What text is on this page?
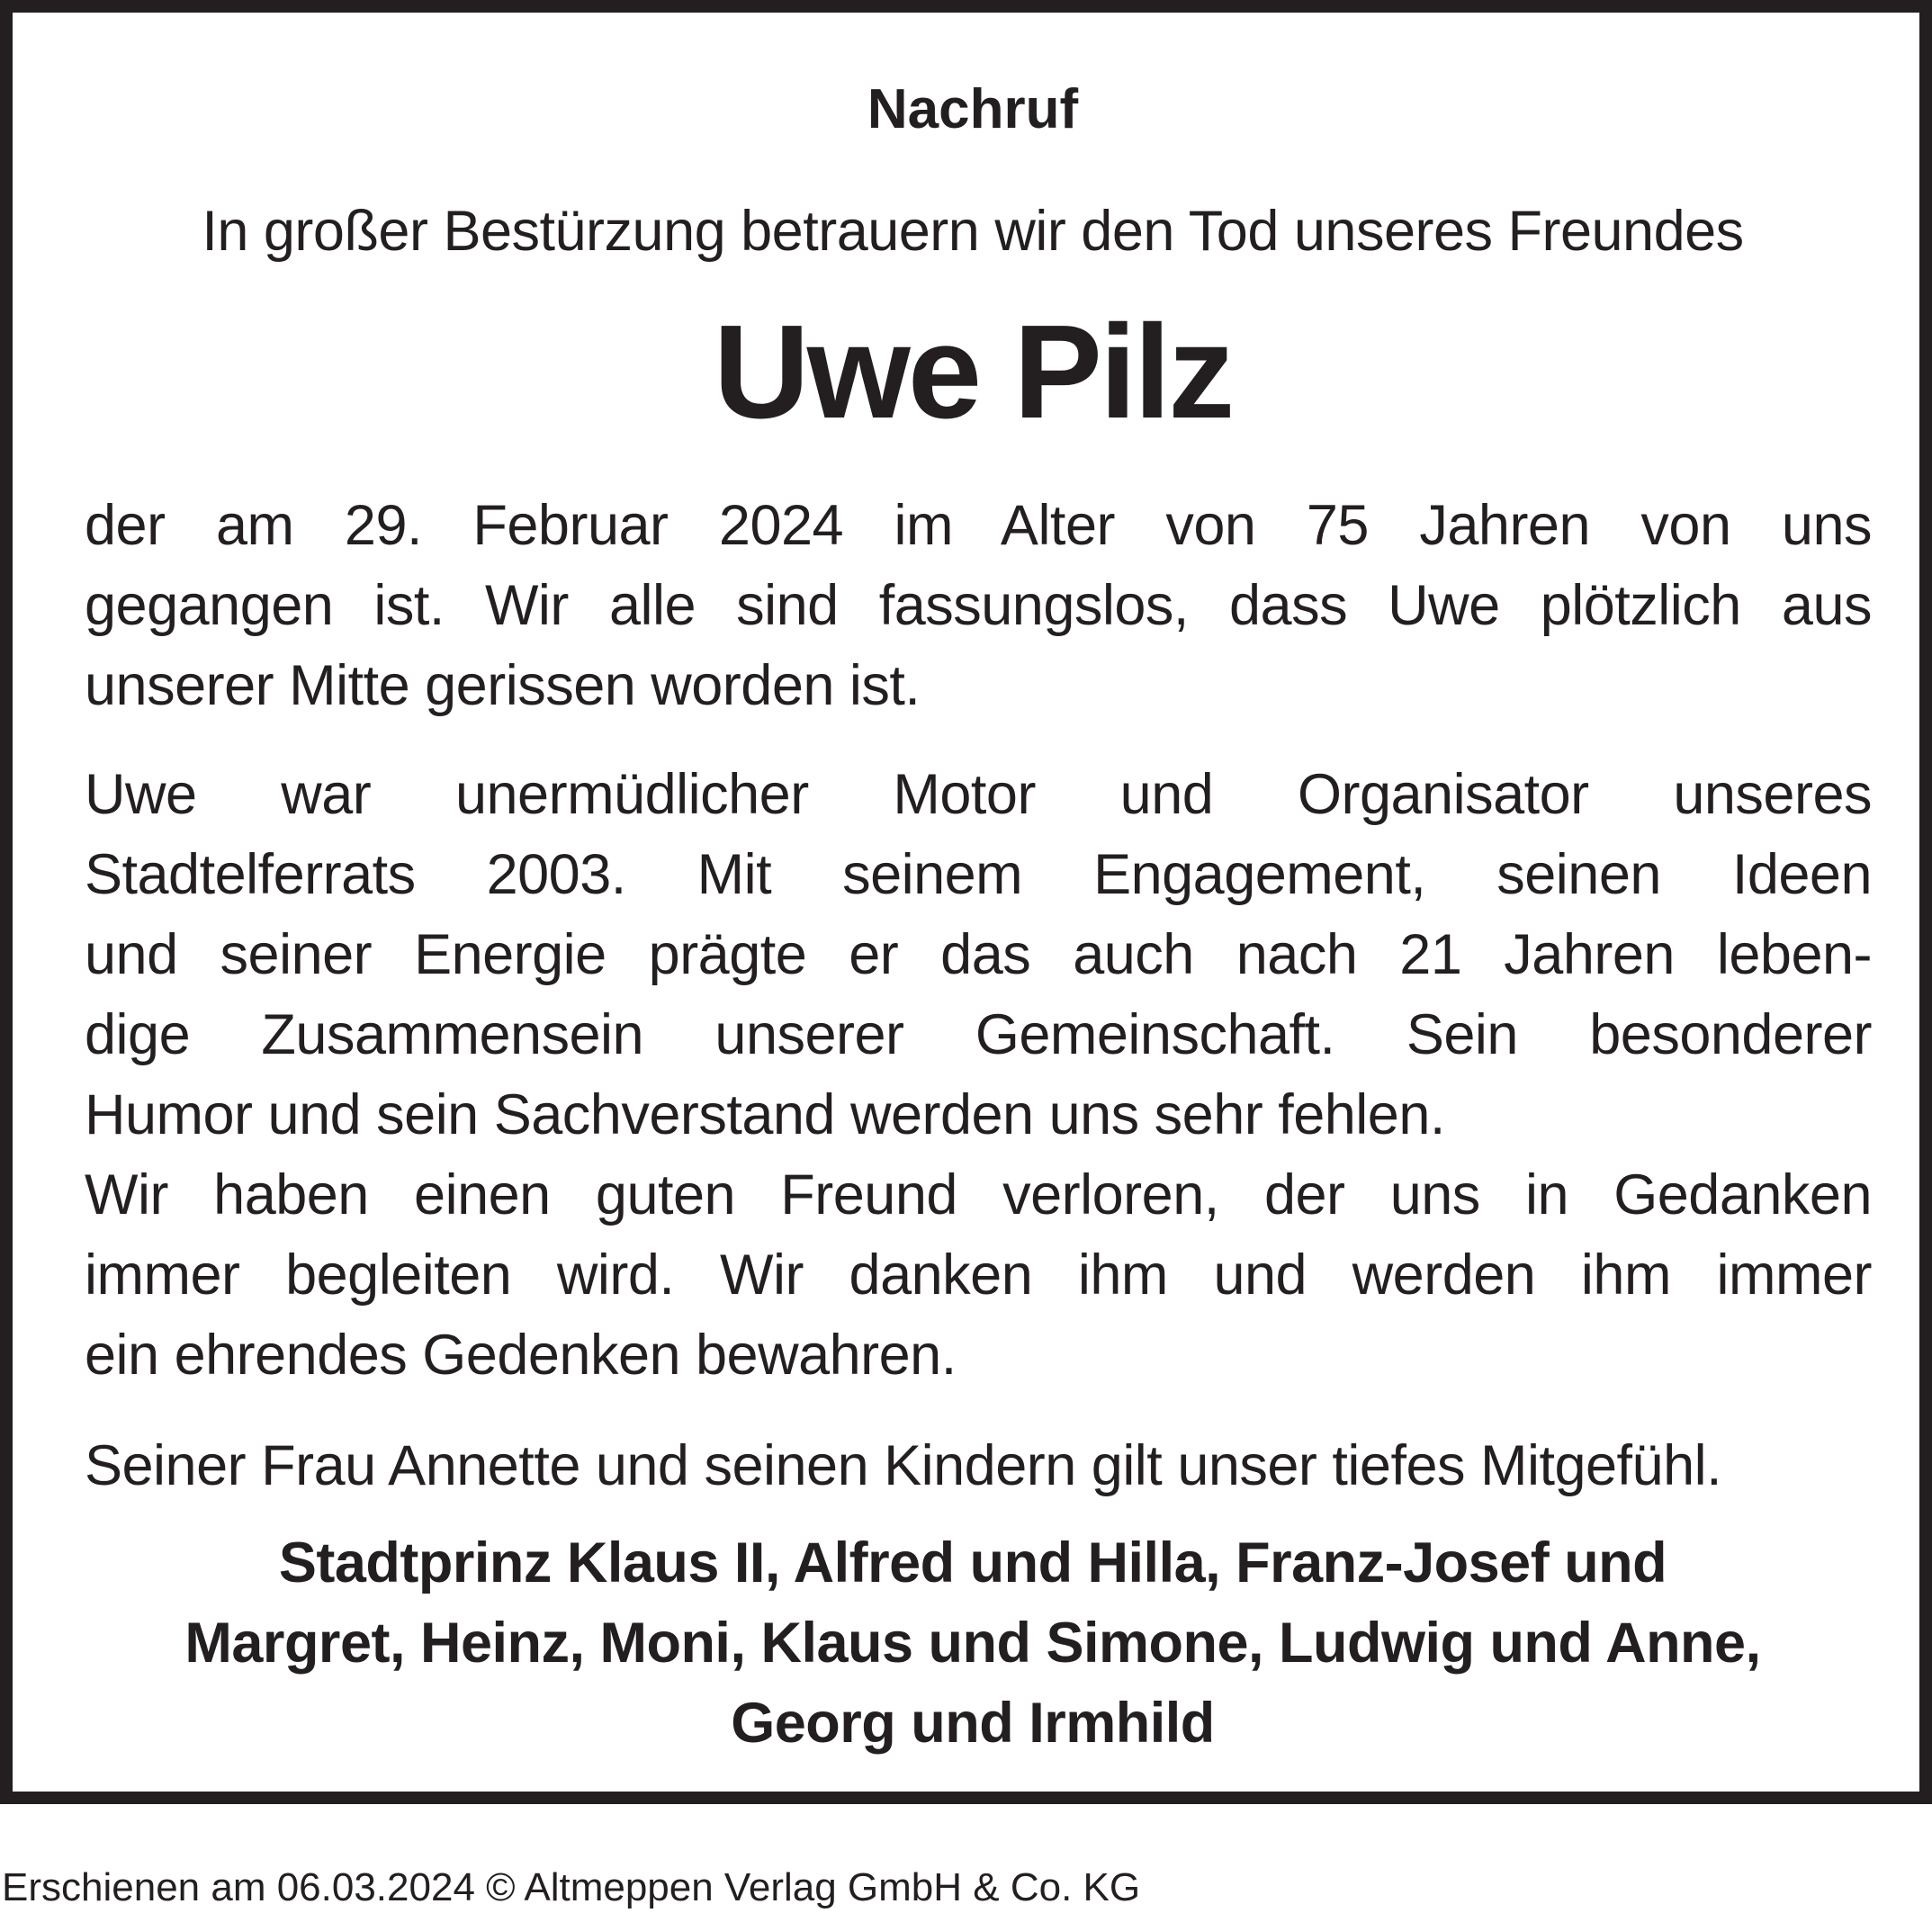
Nachruf
In großer Bestürzung betrauern wir den Tod unseres Freundes
Uwe Pilz
der am 29. Februar 2024 im Alter von 75 Jahren von uns
gegangen ist. Wir alle sind fassungslos, dass Uwe plötzlich aus
unserer Mitte gerissen worden ist.
Uwe war unermüdlicher Motor und Organisator unseres
Stadtelferrats 2003. Mit seinem Engagement, seinen Ideen
und seiner Energie prägte er das auch nach 21 Jahren leben-
dige Zusammensein unserer Gemeinschaft. Sein besonderer
Humor und sein Sachverstand werden uns sehr fehlen.
Wir haben einen guten Freund verloren, der uns in Gedanken
immer begleiten wird. Wir danken ihm und werden ihm immer
ein ehrendes Gedenken bewahren.
Seiner Frau Annette und seinen Kindern gilt unser tiefes Mitgefühl.
Stadtprinz Klaus II, Alfred und Hilla, Franz-Josef und
Margret, Heinz, Moni, Klaus und Simone, Ludwig und Anne,
Georg und Irmhild
Erschienen am 06.03.2024 © Altmeppen Verlag GmbH & Co. KG
